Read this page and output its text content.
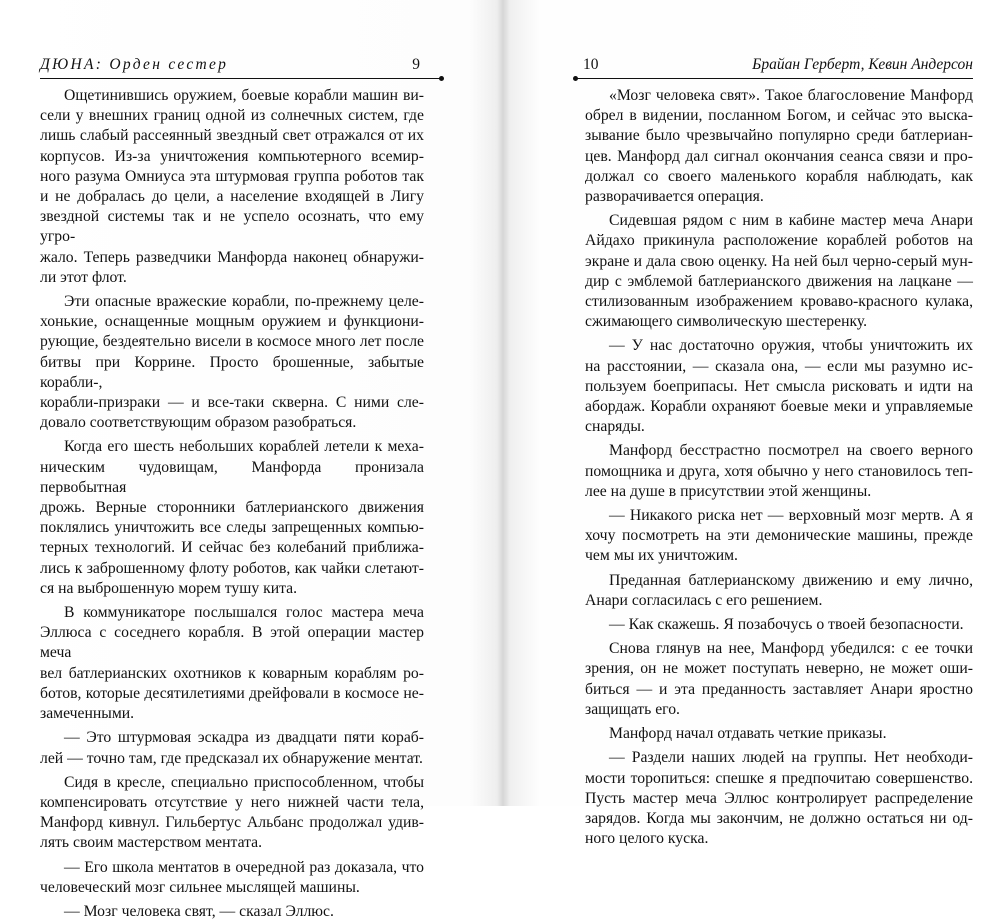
ДЮНА: Орден сестер	9

Ощетинившись оружием, боевые корабли машин ви-

сели у внешних границ одной из солнечных систем, где

лишь слабый рассеянный звездный свет отражался от их

корпусов. Из-за уничтожения компьютерного всемир-

ного разума Омниуса эта штурмовая группа роботов так

и не добралась до цели, а население входящей в Лигу

звездной системы так и не успело осознать, что ему угро-

жало. Теперь разведчики Манфорда наконец обнаружи-

ли этот флот.

Эти опасные вражеские корабли, по-прежнему целе-

хонькие, оснащенные мощным оружием и функциони-

рующие, бездеятельно висели в космосе много лет после

битвы при Коррине. Просто брошенные, забытые корабли-,

корабли-призраки — и все-таки скверна. С ними сле-

довало соответствующим образом разобраться.

Когда его шесть небольших кораблей летели к меха-

ническим чудовищам, Манфорда пронизала первобытная

дрожь. Верные сторонники батлерианского движения

поклялись уничтожить все следы запрещенных компью-

терных технологий. И сейчас без колебаний приближа-

лись к заброшенному флоту роботов, как чайки слетают-

ся на выброшенную морем тушу кита.

В коммуникаторе послышался голос мастера меча

Эллюса с соседнего корабля. В этой операции мастер меча

вел батлерианских охотников к коварным кораблям ро-

ботов, которые десятилетиями дрейфовали в космосе не-

замеченными.

— Это штурмовая эскадра из двадцати пяти кораб-

лей — точно там, где предсказал их обнаружение ментат.

Сидя в кресле, специально приспособленном, чтобы

компенсировать отсутствие у него нижней части тела,

Манфорд кивнул. Гильбертус Альбанс продолжал удив-

лять своим мастерством ментата.

— Его школа ментатов в очередной раз доказала, что

человеческий мозг сильнее мыслящей машины.

— Мозг человека свят, — сказал Эллюс.

10	Брайан Герберт, Кевин Андерсон

«Мозг человека свят». Такое благословение Манфорд

обрел в видении, посланном Богом, и сейчас это выска-

зывание было чрезвычайно популярно среди батлериан-

цев. Манфорд дал сигнал окончания сеанса связи и про-

должал со своего маленького корабля наблюдать, как

разворачивается операция.

Сидевшая рядом с ним в кабине мастер меча Анари

Айдахо прикинула расположение кораблей роботов на

экране и дала свою оценку. На ней был черно-серый мун-

дир с эмблемой батлерианского движения на лацкане —

стилизованным изображением кроваво-красного кулака,

сжимающего символическую шестеренку.

— У нас достаточно оружия, чтобы уничтожить их

на расстоянии, — сказала она, — если мы разумно ис-

пользуем боеприпасы. Нет смысла рисковать и идти на

абордаж. Корабли охраняют боевые меки и управляемые

снаряды.

Манфорд бесстрастно посмотрел на своего верного

помощника и друга, хотя обычно у него становилось теп-

лее на душе в присутствии этой женщины.

— Никакого риска нет — верховный мозг мертв. А я

хочу посмотреть на эти демонические машины, прежде

чем мы их уничтожим.

Преданная батлерианскому движению и ему лично,

Анари согласилась с его решением.

— Как скажешь. Я позабочусь о твоей безопасности.

Снова глянув на нее, Манфорд убедился: с ее точки

зрения, он не может поступать неверно, не может оши-

биться — и эта преданность заставляет Анари яростно

защищать его.

Манфорд начал отдавать четкие приказы.

— Раздели наших людей на группы. Нет необходи-

мости торопиться: спешке я предпочитаю совершенство.

Пусть мастер меча Эллюс контролирует распределение

зарядов. Когда мы закончим, не должно остаться ни од-

ного целого куска.
